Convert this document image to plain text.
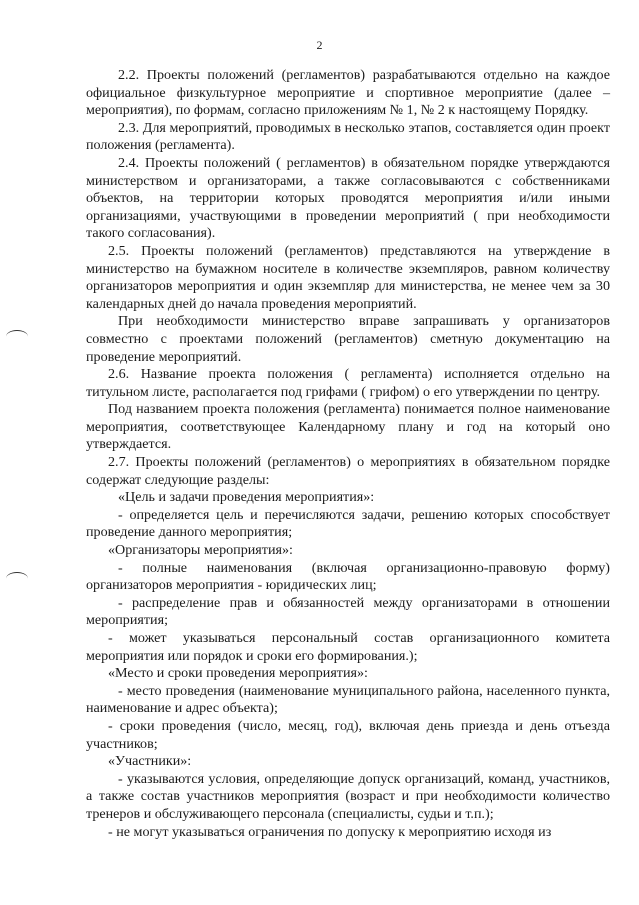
2

2.2. Проекты положений (регламентов) разрабатываются отдельно на каждое официальное физкультурное мероприятие и спортивное мероприятие (далее – мероприятия), по формам, согласно приложениям № 1, № 2 к настоящему Порядку.

2.3. Для мероприятий, проводимых в несколько этапов, составляется один проект положения (регламента).

2.4. Проекты положений ( регламентов) в обязательном порядке утверждаются министерством и организаторами, а также согласовываются с собственниками объектов, на территории которых проводятся мероприятия и/или иными организациями, участвующими в проведении мероприятий ( при необходимости такого согласования).

2.5. Проекты положений (регламентов) представляются на утверждение в министерство на бумажном носителе в количестве экземпляров, равном количеству организаторов мероприятия и один экземпляр для министерства, не менее чем за 30 календарных дней до начала проведения мероприятий.

При необходимости министерство вправе запрашивать у организаторов совместно с проектами положений (регламентов) сметную документацию на проведение мероприятий.

2.6. Название проекта положения ( регламента) исполняется отдельно на титульном листе, располагается под грифами ( грифом) о его утверждении по центру.

Под названием проекта положения (регламента) понимается полное наименование мероприятия, соответствующее Календарному плану и год на который оно утверждается.

2.7. Проекты положений (регламентов) о мероприятиях в обязательном порядке содержат следующие разделы:

«Цель и задачи проведения мероприятия»:

- определяется цель и перечисляются задачи, решению которых способствует проведение данного мероприятия;

«Организаторы мероприятия»:

- полные наименования (включая организационно-правовую форму) организаторов мероприятия - юридических лиц;

- распределение прав и обязанностей между организаторами в отношении мероприятия;

- может указываться персональный состав организационного комитета мероприятия или порядок и сроки его формирования.);

«Место и сроки проведения мероприятия»:

- место проведения (наименование муниципального района, населенного пункта, наименование и адрес объекта);

- сроки проведения (число, месяц, год), включая день приезда и день отъезда участников;

«Участники»:

- указываются условия, определяющие допуск организаций, команд, участников, а также состав участников мероприятия (возраст и при необходимости количество тренеров и обслуживающего персонала (специалисты, судьи и т.п.);

- не могут указываться ограничения по допуску к мероприятию исходя из
